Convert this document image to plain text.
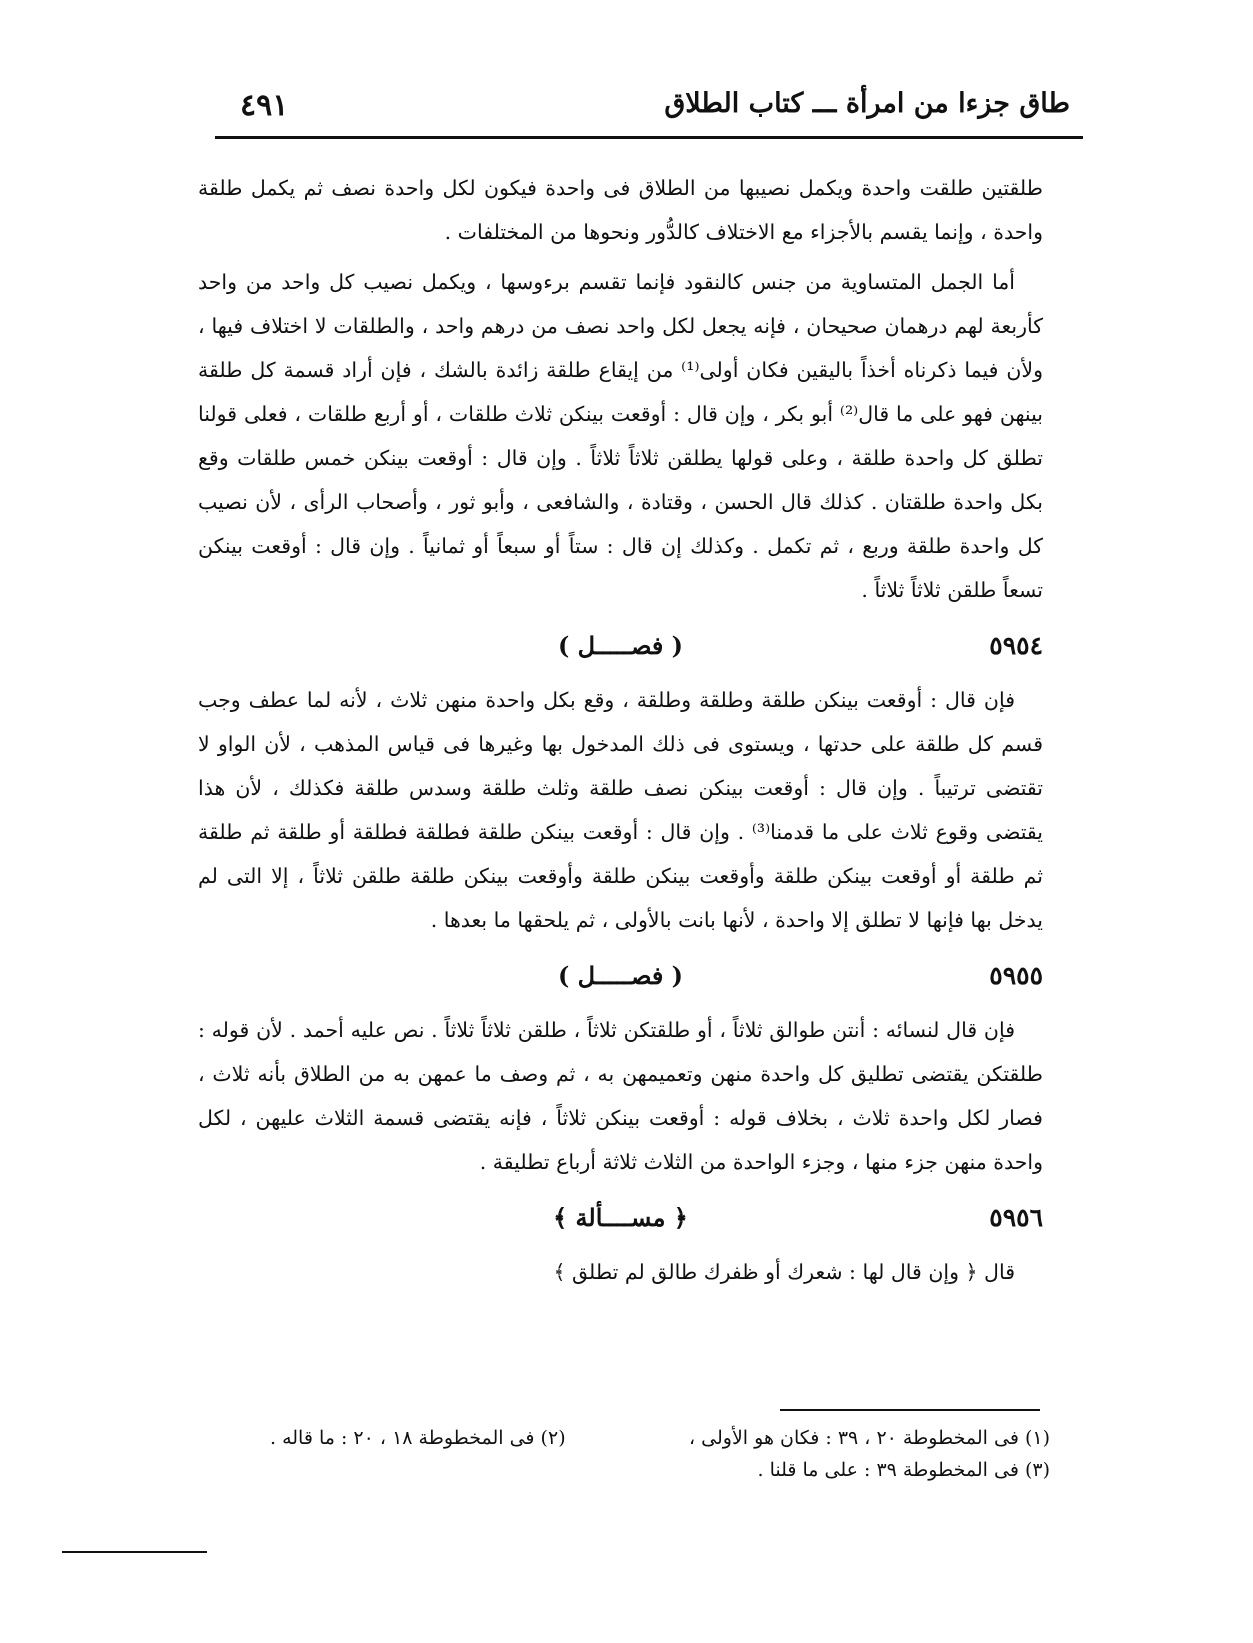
طاق جزءا من امرأة ـــ كتاب الطلاق
٤٩١

طلقتين طلقت واحدة ويكمل نصيبها من الطلاق فى واحدة فيكون لكل واحدة نصف ثم يكمل طلقة واحدة ، وإنما يقسم بالأجزاء مع الاختلاف كالدُّور ونحوها من المختلفات .

أما الجمل المتساوية من جنس كالنقود فإنما تقسم برءوسها ، ويكمل نصيب كل واحد من واحد كأربعة لهم درهمان صحيحان ، فإنه يجعل لكل واحد نصف من درهم واحد ، والطلقات لا اختلاف فيها ، ولأن فيما ذكرناه أخذاً باليقين فكان أولى⁽¹⁾ من إيقاع طلقة زائدة بالشك ، فإن أراد قسمة كل طلقة بينهن فهو على ما قال⁽²⁾ أبو بكر ، وإن قال : أوقعت بينكن ثلاث طلقات ، أو أربع طلقات ، فعلى قولنا تطلق كل واحدة طلقة ، وعلى قولها يطلقن ثلاثاً ثلاثاً . وإن قال : أوقعت بينكن خمس طلقات وقع بكل واحدة طلقتان . كذلك قال الحسن ، وقتادة ، والشافعى ، وأبو ثور ، وأصحاب الرأى ، لأن نصيب كل واحدة طلقة وربع ، ثم تكمل . وكذلك إن قال : ستاً أو سبعاً أو ثمانياً . وإن قال : أوقعت بينكن تسعاً طلقن ثلاثاً ثلاثاً .

٥٩٥٤
( فصـــــل )

فإن قال : أوقعت بينكن طلقة وطلقة وطلقة ، وقع بكل واحدة منهن ثلاث ، لأنه لما عطف وجب قسم كل طلقة على حدتها ، ويستوى فى ذلك المدخول بها وغيرها فى قياس المذهب ، لأن الواو لا تقتضى ترتيباً . وإن قال : أوقعت بينكن نصف طلقة وثلث طلقة وسدس طلقة فكذلك ، لأن هذا يقتضى وقوع ثلاث على ما قدمنا⁽³⁾ . وإن قال : أوقعت بينكن طلقة فطلقة فطلقة أو طلقة ثم طلقة ثم طلقة أو أوقعت بينكن طلقة وأوقعت بينكن طلقة وأوقعت بينكن طلقة طلقن ثلاثاً ، إلا التى لم يدخل بها فإنها لا تطلق إلا واحدة ، لأنها بانت بالأولى ، ثم يلحقها ما بعدها .

٥٩٥٥
( فصـــــل )

فإن قال لنسائه : أنتن طوالق ثلاثاً ، أو طلقتكن ثلاثاً ، طلقن ثلاثاً ثلاثاً . نص عليه أحمد . لأن قوله : طلقتكن يقتضى تطليق كل واحدة منهن وتعميمهن به ، ثم وصف ما عمهن به من الطلاق بأنه ثلاث ، فصار لكل واحدة ثلاث ، بخلاف قوله : أوقعت بينكن ثلاثاً ، فإنه يقتضى قسمة الثلاث عليهن ، لكل واحدة منهن جزء منها ، وجزء الواحدة من الثلاث ثلاثة أرباع تطليقة .

٥٩٥٦
﴿ مســــألة ﴾

قال ﴿ وإن قال لها : شعرك أو ظفرك طالق لم تطلق ﴾

(١) فى المخطوطة ٢٠ ، ٣٩ : فكان هو الأولى ،
(٢) فى المخطوطة ١٨ ، ٢٠ : ما قاله .
(٣) فى المخطوطة ٣٩ : على ما قلنا .
